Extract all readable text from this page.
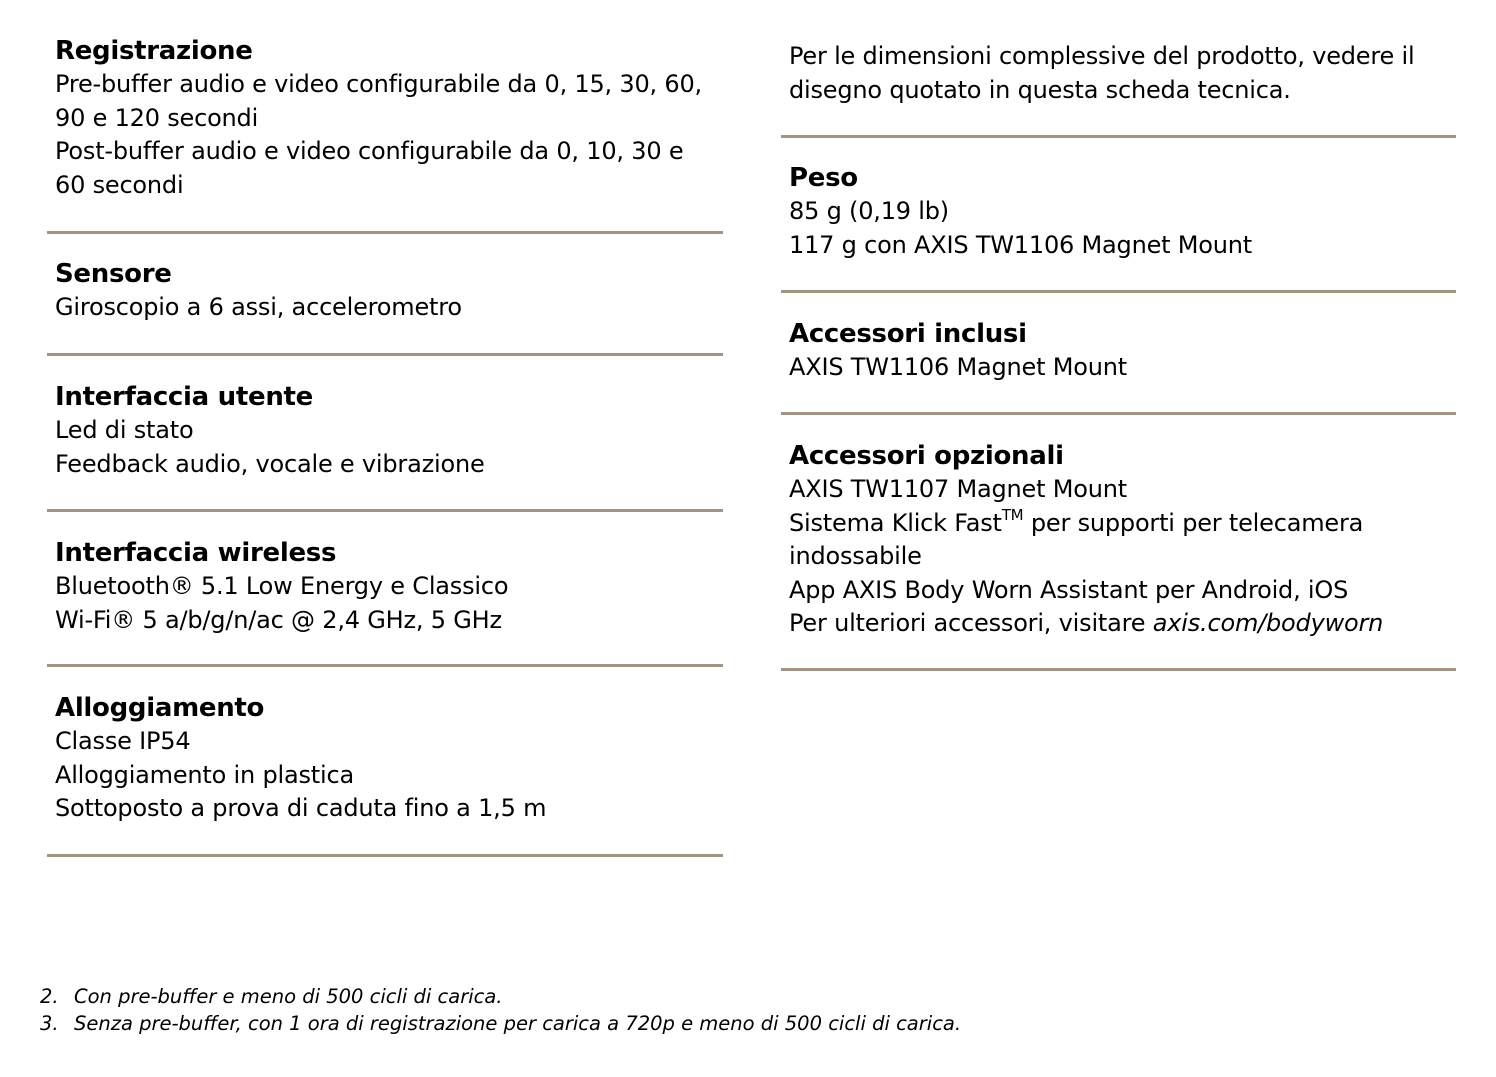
Registrazione
Pre-buffer audio e video configurabile da 0, 15, 30, 60,
90 e 120 secondi
Post-buffer audio e video configurabile da 0, 10, 30 e
60 secondi
Sensore
Giroscopio a 6 assi, accelerometro
Interfaccia utente
Led di stato
Feedback audio, vocale e vibrazione
Interfaccia wireless
Bluetooth® 5.1 Low Energy e Classico
Wi-Fi® 5 a/b/g/n/ac @ 2,4 GHz, 5 GHz
Alloggiamento
Classe IP54
Alloggiamento in plastica
Sottoposto a prova di caduta fino a 1,5 m
Per le dimensioni complessive del prodotto, vedere il
disegno quotato in questa scheda tecnica.
Peso
85 g (0,19 lb)
117 g con AXIS TW1106 Magnet Mount
Accessori inclusi
AXIS TW1106 Magnet Mount
Accessori opzionali
AXIS TW1107 Magnet Mount
Sistema Klick Fast™ per supporti per telecamera
indossabile
App AXIS Body Worn Assistant per Android, iOS
Per ulteriori accessori, visitare axis.com/bodyworn
2. Con pre-buffer e meno di 500 cicli di carica.
3. Senza pre-buffer, con 1 ora di registrazione per carica a 720p e meno di 500 cicli di carica.
